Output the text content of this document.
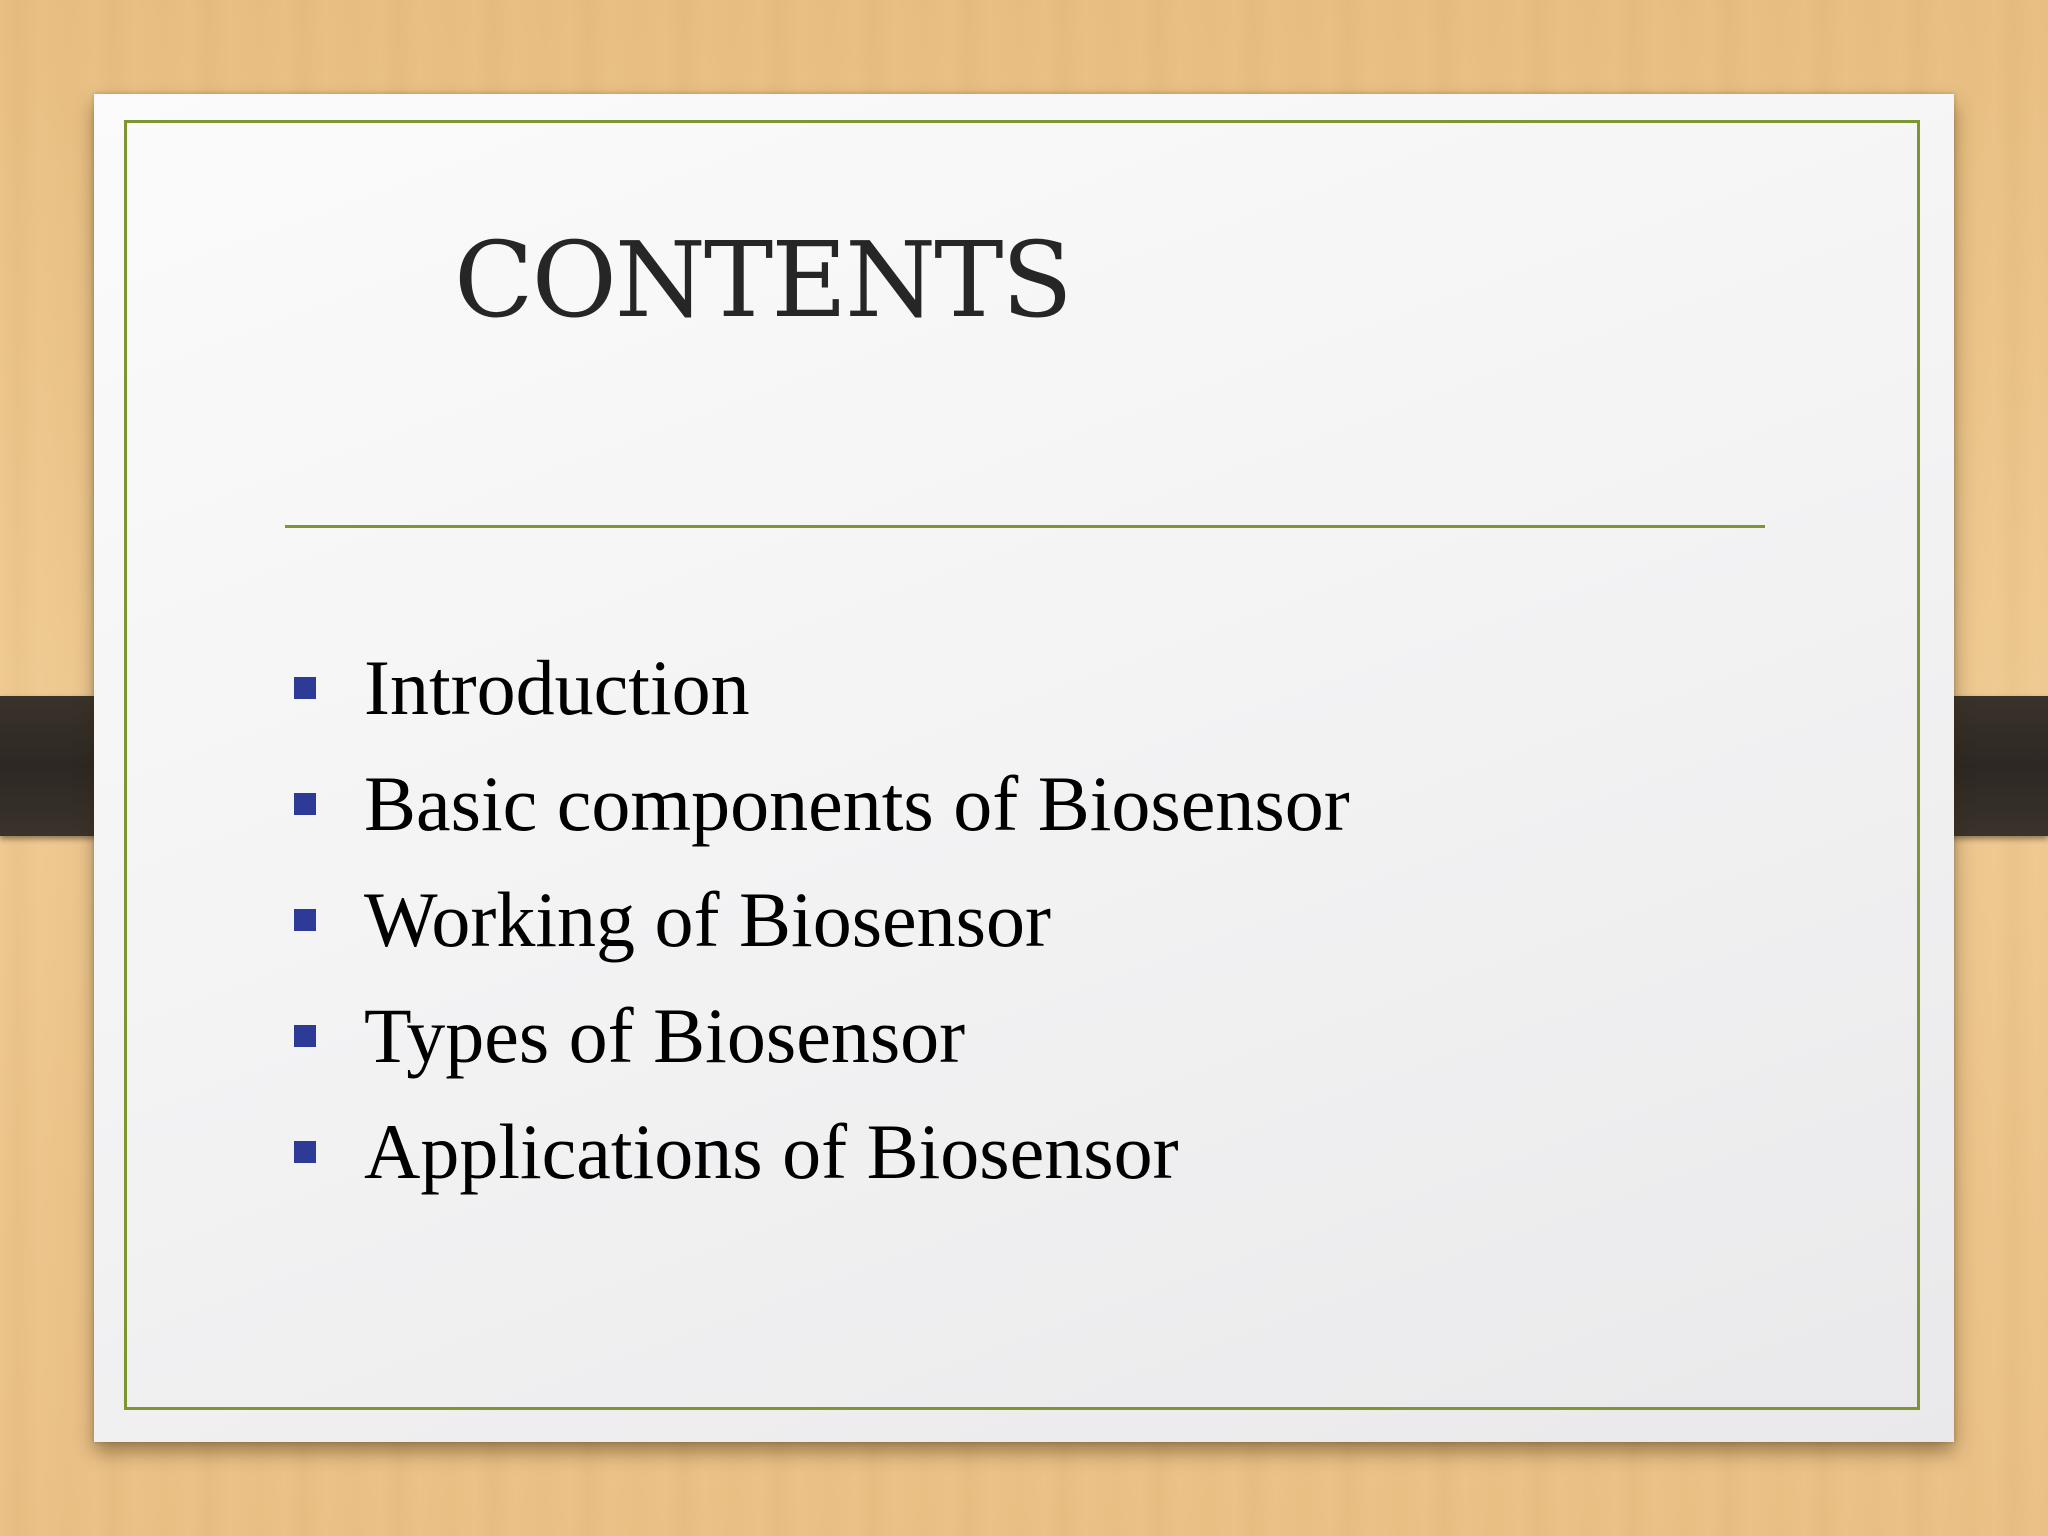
CONTENTS
Introduction
Basic components of Biosensor
Working of Biosensor
Types of Biosensor
Applications of Biosensor
